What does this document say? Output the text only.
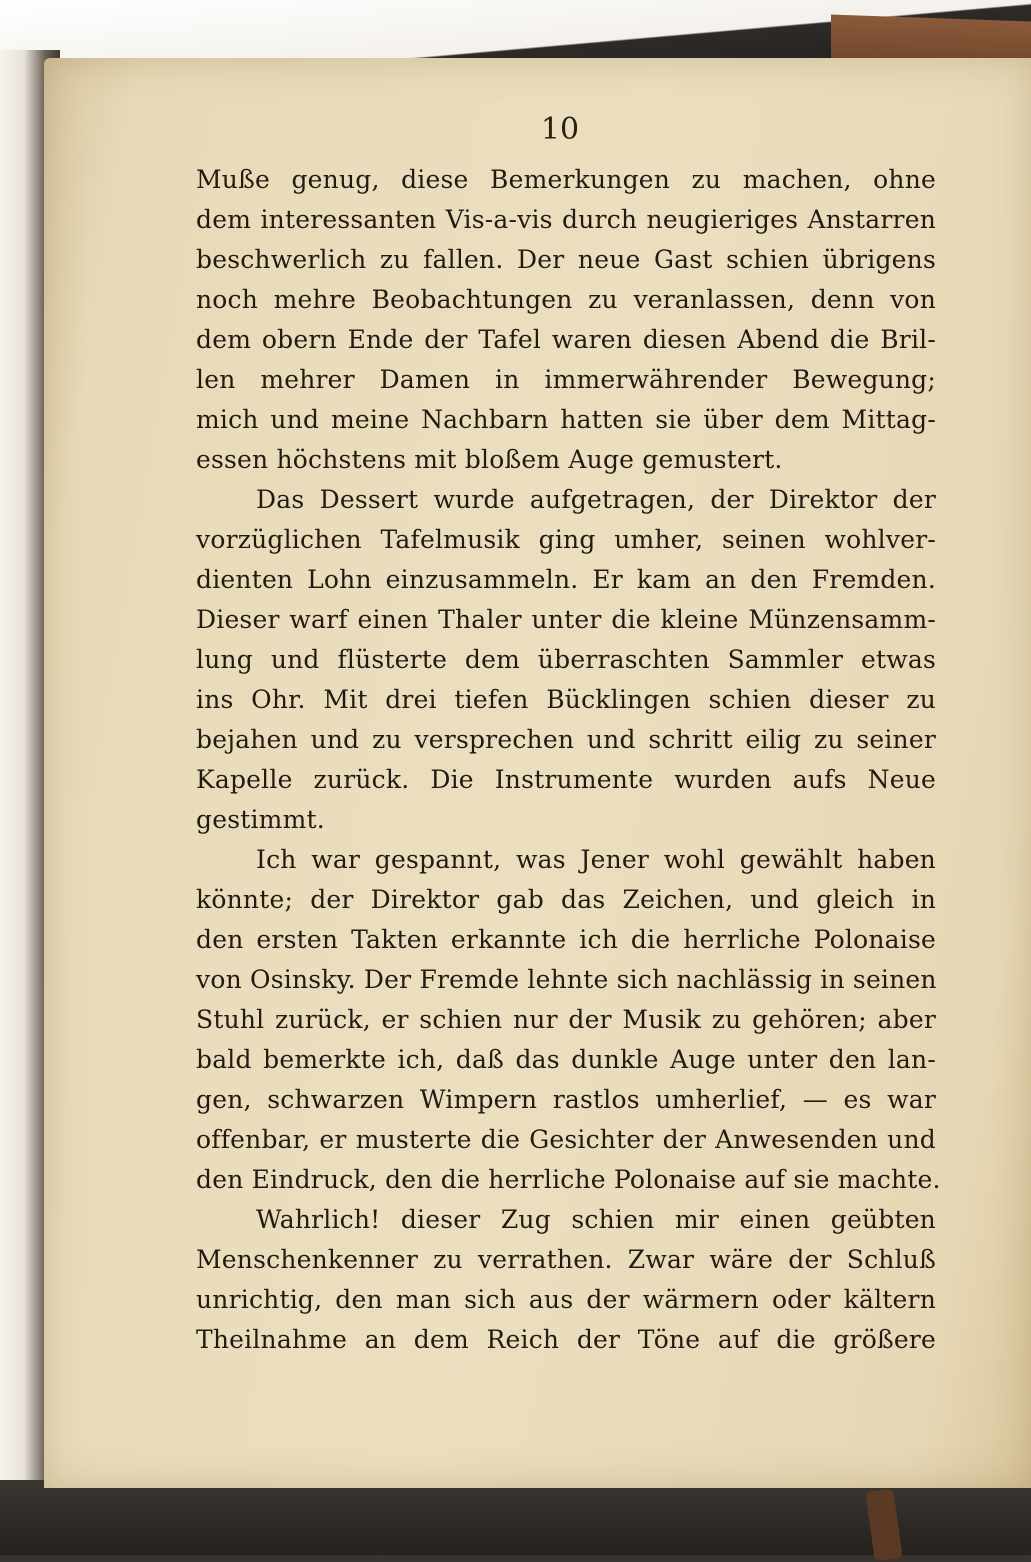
10
Muße genug, diese Bemerkungen zu machen, ohne
dem interessanten Vis-a-vis durch neugieriges Anstarren
beschwerlich zu fallen. Der neue Gast schien übrigens
noch mehre Beobachtungen zu veranlassen, denn von
dem obern Ende der Tafel waren diesen Abend die Bril-
len mehrer Damen in immerwährender Bewegung;
mich und meine Nachbarn hatten sie über dem Mittag-
essen höchstens mit bloßem Auge gemustert.
Das Dessert wurde aufgetragen, der Direktor der
vorzüglichen Tafelmusik ging umher, seinen wohlver-
dienten Lohn einzusammeln. Er kam an den Fremden.
Dieser warf einen Thaler unter die kleine Münzensamm-
lung und flüsterte dem überraschten Sammler etwas
ins Ohr. Mit drei tiefen Bücklingen schien dieser zu
bejahen und zu versprechen und schritt eilig zu seiner
Kapelle zurück. Die Instrumente wurden aufs Neue
gestimmt.
Ich war gespannt, was Jener wohl gewählt haben
könnte; der Direktor gab das Zeichen, und gleich in
den ersten Takten erkannte ich die herrliche Polonaise
von Osinsky. Der Fremde lehnte sich nachlässig in seinen
Stuhl zurück, er schien nur der Musik zu gehören; aber
bald bemerkte ich, daß das dunkle Auge unter den lan-
gen, schwarzen Wimpern rastlos umherlief, — es war
offenbar, er musterte die Gesichter der Anwesenden und
den Eindruck, den die herrliche Polonaise auf sie machte.
Wahrlich! dieser Zug schien mir einen geübten
Menschenkenner zu verrathen. Zwar wäre der Schluß
unrichtig, den man sich aus der wärmern oder kältern
Theilnahme an dem Reich der Töne auf die größere
